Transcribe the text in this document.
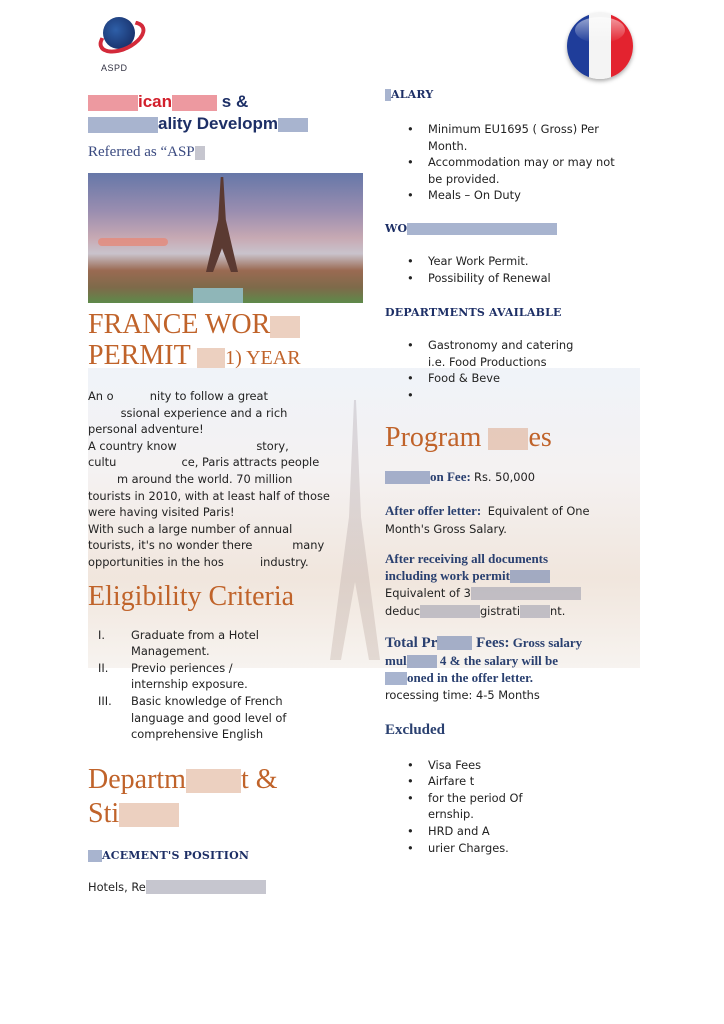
ASPD
ican	s &
ality Developm
Referred as “ASP
FRANCE WOR
PERMIT 1) YEAR
An o          nity to follow a great
ssional experience and a rich
personal adventure!
A country know                      story,
cultu                  ce, Paris attracts people
m around the world. 70 million
tourists in 2010, with at least half of those
were having visited Paris!
With such a large number of annual
tourists, it's no wonder there           many
opportunities in the hos          industry.
Eligibility Criteria
I.	Graduate from a Hotel
Management.
II.	Previo periences /
internship exposure.
III.	Basic knowledge of French
language and good level of
comprehensive English
Departm t &
Sti
ACEMENT'S POSITION
Hotels, Re
ALARY
•	Minimum EU1695 ( Gross) Per
Month.
•	Accommodation may or may not
be provided.
•	Meals – On Duty
WO
•	Year Work Permit.
•	Possibility of Renewal
DEPARTMENTS AVAILABLE
•	Gastronomy and catering
i.e. Food Productions
•	Food & Beve
•
Program es
on Fee: Rs. 50,000
After offer letter: Equivalent of One
Month's Gross Salary.
After receiving all documents
including work permit
Equivalent of 3
deduc	gistrati	nt.
Total Pr	Fees: Gross salary
mul	4 & the salary will be
oned in the offer letter.
rocessing time: 4-5 Months
Excluded
•	Visa Fees
•	Airfare t
•	for the period Of
ernship.
•	HRD and A
•	urier Charges.
